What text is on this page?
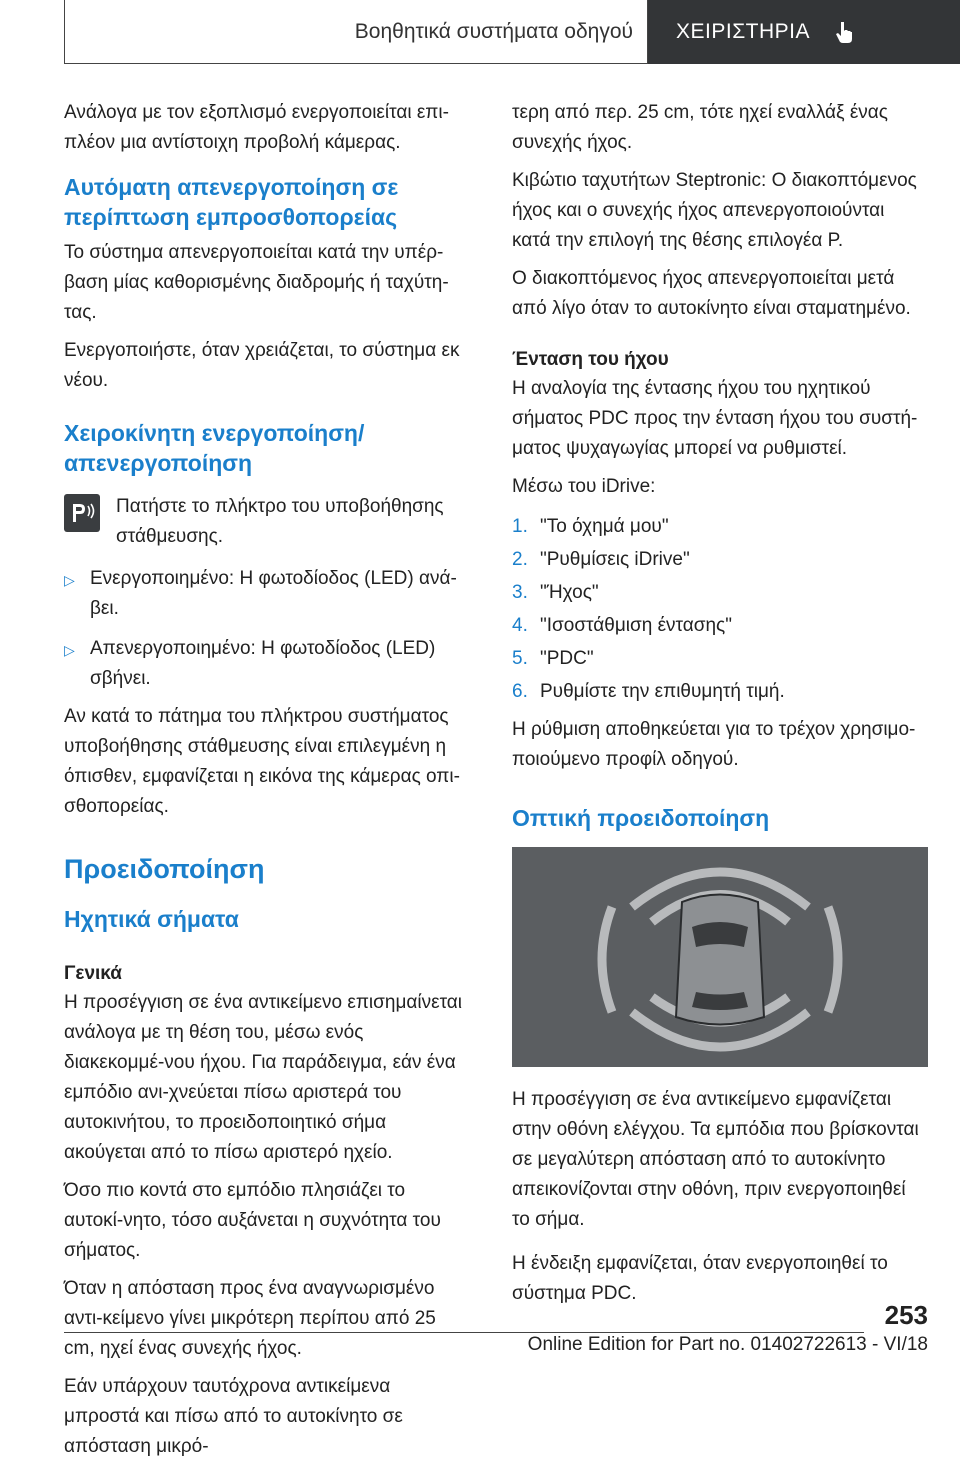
Βοηθητικά συστήματα οδηγού	ΧΕΙΡΙΣΤΗΡΙΑ

Ανάλογα με τον εξοπλισμό ενεργοποιείται επι-πλέον μια αντίστοιχη προβολή κάμερας.

Αυτόματη απενεργοποίηση σε περίπτωση εμπροσθοπορείας

Το σύστημα απενεργοποιείται κατά την υπέρ-βαση μίας καθορισμένης διαδρομής ή ταχύτη-τας.

Ενεργοποιήστε, όταν χρειάζεται, το σύστημα εκ νέου.

Χειροκίνητη ενεργοποίηση/ απενεργοποίηση
Πατήστε το πλήκτρο του υποβοήθησης στάθμευσης.
▷ Ενεργοποιημένο: Η φωτοδίοδος (LED) ανά-βει.
▷ Απενεργοποιημένο: Η φωτοδίοδος (LED) σβήνει.

Αν κατά το πάτημα του πλήκτρου συστήματος υποβοήθησης στάθμευσης είναι επιλεγμένη η όπισθεν, εμφανίζεται η εικόνα της κάμερας οπι-σθοπορείας.

Προειδοποίηση
Ηχητικά σήματα
Γενικά

Η προσέγγιση σε ένα αντικείμενο επισημαίνεται ανάλογα με τη θέση του, μέσω ενός διακεκομμέ-νου ήχου. Για παράδειγμα, εάν ένα εμπόδιο ανι-χνεύεται πίσω αριστερά του αυτοκινήτου, το προειδοποιητικό σήμα ακούγεται από το πίσω αριστερό ηχείο.

Όσο πιο κοντά στο εμπόδιο πλησιάζει το αυτοκί-νητο, τόσο αυξάνεται η συχνότητα του σήματος.

Όταν η απόσταση προς ένα αναγνωρισμένο αντι-κείμενο γίνει μικρότερη περίπου από 25 cm, ηχεί ένας συνεχής ήχος.

Εάν υπάρχουν ταυτόχρονα αντικείμενα μπροστά και πίσω από το αυτοκίνητο σε απόσταση μικρό-

τερη από περ. 25 cm, τότε ηχεί εναλλάξ ένας συνεχής ήχος.

Κιβώτιο ταχυτήτων Steptronic: Ο διακοπτόμενος ήχος και ο συνεχής ήχος απενεργοποιούνται κατά την επιλογή της θέσης επιλογέα P.

Ο διακοπτόμενος ήχος απενεργοποιείται μετά από λίγο όταν το αυτοκίνητο είναι σταματημένο.

Ένταση του ήχου

Η αναλογία της έντασης ήχου του ηχητικού σήματος PDC προς την ένταση ήχου του συστή-ματος ψυχαγωγίας μπορεί να ρυθμιστεί.

Μέσω του iDrive:

1. "Το όχημά μου"
2. "Ρυθμίσεις iDrive"
3. "Ήχος"
4. "Ισοστάθμιση έντασης"
5. "PDC"
6. Ρυθμίστε την επιθυμητή τιμή.

Η ρύθμιση αποθηκεύεται για το τρέχον χρησιμο-ποιούμενο προφίλ οδηγού.

Οπτική προειδοποίηση

Η προσέγγιση σε ένα αντικείμενο εμφανίζεται στην οθόνη ελέγχου. Τα εμπόδια που βρίσκονται σε μεγαλύτερη απόσταση από το αυτοκίνητο απεικονίζονται στην οθόνη, πριν ενεργοποιηθεί το σήμα.

Η ένδειξη εμφανίζεται, όταν ενεργοποιηθεί το σύστημα PDC.

253
Online Edition for Part no. 01402722613 - VI/18
